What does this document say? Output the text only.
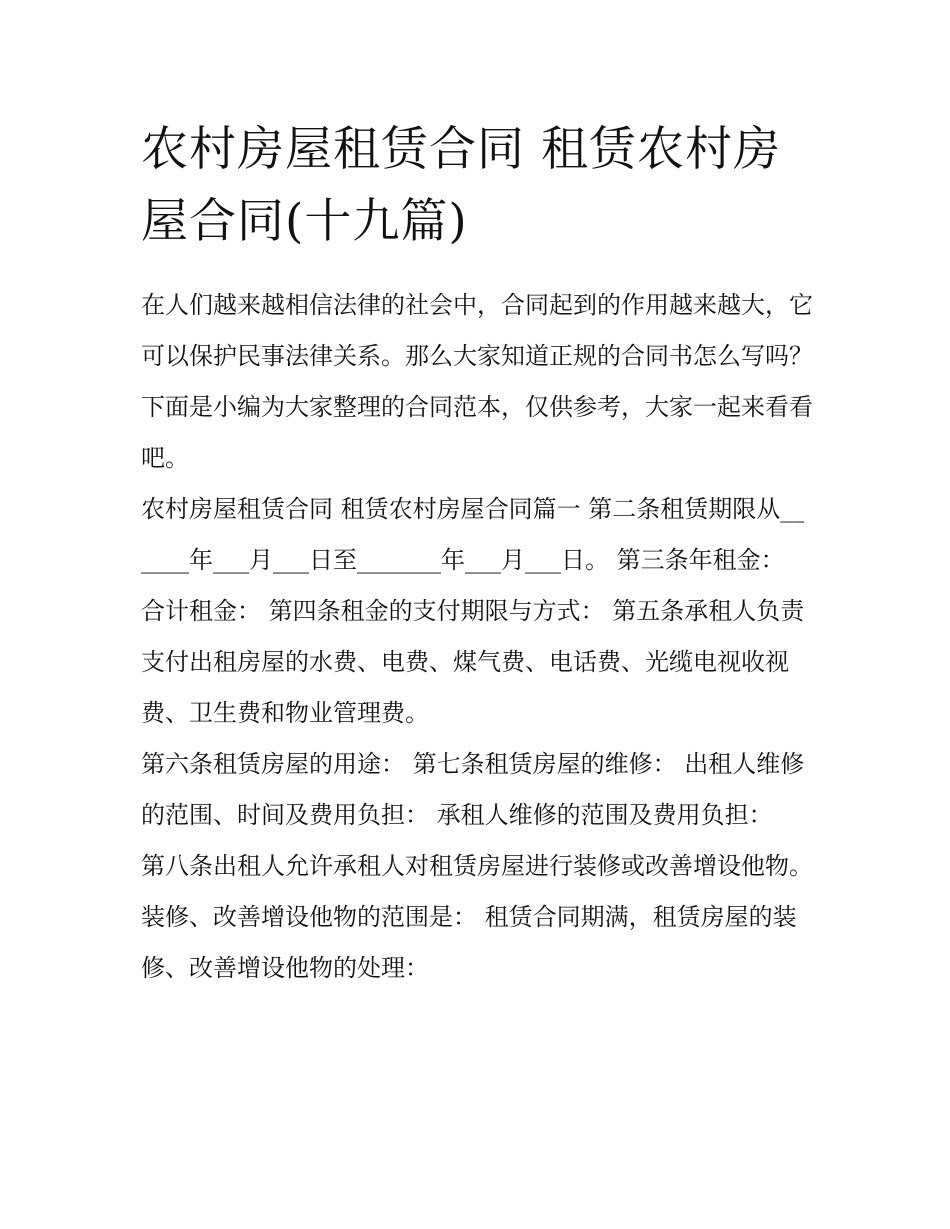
农村房屋租赁合同 租赁农村房屋合同(十九篇)

在人们越来越相信法律的社会中，合同起到的作用越来越大，它可以保护民事法律关系。那么大家知道正规的合同书怎么写吗？下面是小编为大家整理的合同范本，仅供参考，大家一起来看看吧。

农村房屋租赁合同 租赁农村房屋合同篇一 第二条租赁期限从______年___月___日至_______年___月___日。 第三条年租金：

合计租金： 第四条租金的支付期限与方式： 第五条承租人负责支付出租房屋的水费、电费、煤气费、电话费、光缆电视收视费、卫生费和物业管理费。

第六条租赁房屋的用途： 第七条租赁房屋的维修： 出租人维修的范围、时间及费用负担： 承租人维修的范围及费用负担：

第八条出租人允许承租人对租赁房屋进行装修或改善增设他物。装修、改善增设他物的范围是： 租赁合同期满，租赁房屋的装修、改善增设他物的处理：
